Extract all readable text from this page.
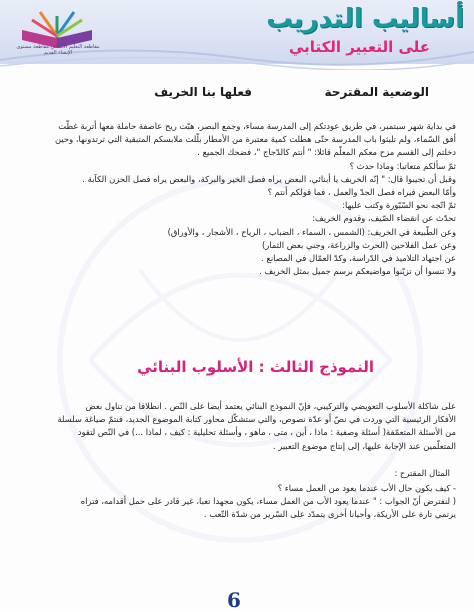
مقاطعة التعليم الابتدائي مقاطعة مستوى الإنشاء القديم
أساليب التدريب
على التعبير الكتابي
الوضعية المقترحة
فعلها بنا الخريف
في بداية شهر سبتمبر، في طريق عودتكم إلى المدرسة مساء، وجمع البصر، هبّت ريح عاصفة حاملة معها أتربة غطّت
أفق السّماء، ولم تلبثوا باب المدرسة حتّى هطلت كمية معتبرة من الأمطار بلّلت ملابسكم المتبقية التي ترتدونها، وحين
دخلتم إلى القسم مزح معكم المعلّم قائلا: " أنتم كالدّجاج "، فضحك الجميع .
ثمّ سألكم متعاتبا: وماذا حدث ؟
وقبل أن تجيبوا قال: " إنّه الخريف يا أبنائي، البعض يراه فصل الخير والبركة، والبعض يراه فصل الحزن الكآبة .
وأمّا البعض فيراه فصل الجدّ والعمل ، فما قولكم أنتم ؟
ثمّ اتّجه نحو السّبّورة وكتب عليها:
تحدّث عن انقضاء الصّيف، وقدوم الخريف:
وعن الطّبيعة في الخريف: (الشمس ، السماء ، الضباب ، الرياح ، الأشجار ، والأوراق)
وعن عمل الفلاحين (الحرث والزراعة، وجني بعض الثمار)
عن اجتهاد التلاميذ في الدّراسة، وكدّ العمّال في المصانع .
ولا تنسوا أن تزيّنوا مواضيعكم برسم جميل بمثل الخريف .
النموذج الثالث : الأسلوب البنائي
على شاكلة الأسلوب التعويضي والتركيبي، فإنّ النموذج البنائي يعتمد أيضا على النّص . انطلاقا من تناول بعض
الأفكار الرئيسية التي وردت في نصّ أو عدّة نصوص، والتي ستشكّل محاور كتابة الموضوع الجديد، فنتمّ صياغة سلسلة
من الأسئلة المتعمّقة( أسئلة وصفية : ماذا ، أين ، متى ، ماهو ، وأسئلة تحليلية : كيف ، لماذا ...) في النّص لتقود
المتعلّمين عند الإجابة عليها، إلى إنتاج موضوع التعبير .
المثال المقترح :
- كيف يكون حال الأب عندما يعود من العمل مساء ؟
( لنفترض أنّ الجواب : " عندما يعود الأب من العمل مساء، يكون مجهدا تعبا، غير قادر على حمل أقدامه، فتراه
يرتمي تارة على الأريكة، وأحيانا أخرى يتمدّد على السّرير من شدّة التّعب .
6
